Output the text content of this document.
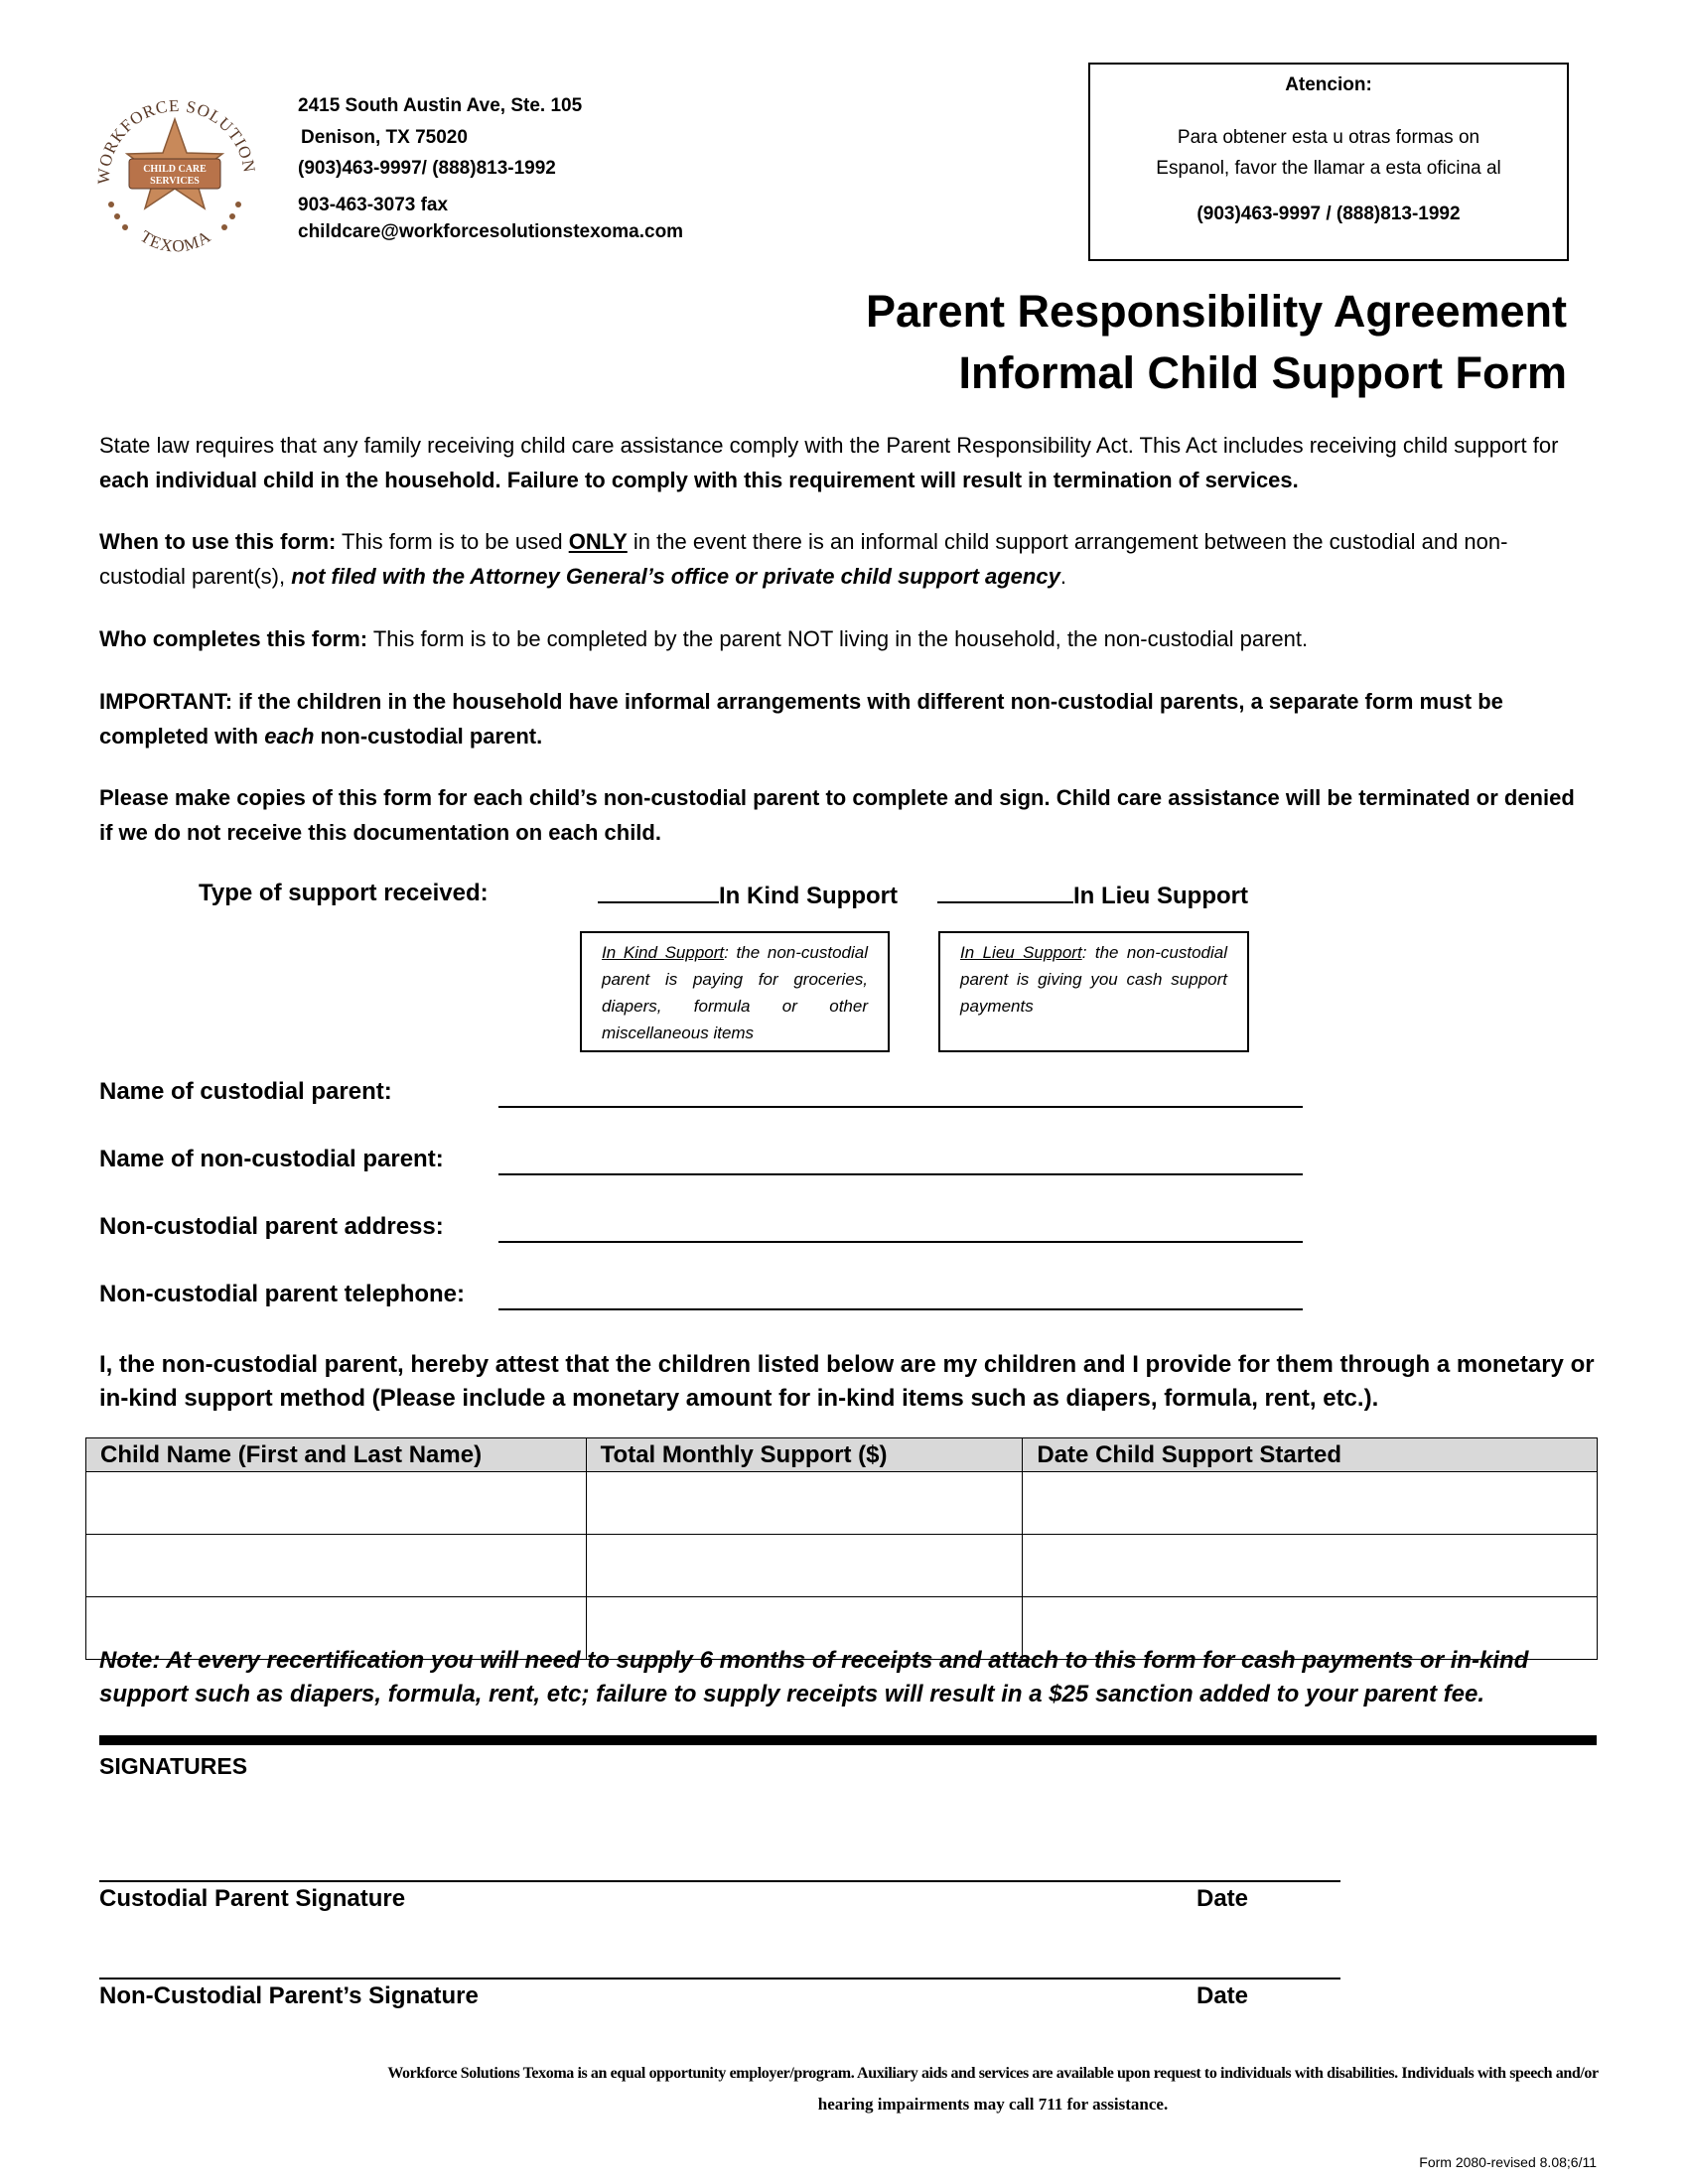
WORKFORCE SOLUTION
TEXOMA
CHILD CARE
SERVICES
2415 South Austin Ave, Ste. 105
Denison, TX 75020
(903)463-9997/ (888)813-1992
903-463-3073 fax
childcare@workforcesolutionstexoma.com
Atencion:
Para obtener esta u otras formas on
Espanol, favor the llamar a esta oficina al
(903)463-9997 / (888)813-1992
Parent Responsibility Agreement
Informal Child Support Form
State law requires that any family receiving child care assistance comply with the Parent Responsibility Act. This Act includes receiving child support for each individual child in the household. Failure to comply with this requirement will result in termination of services.
When to use this form: This form is to be used ONLY in the event there is an informal child support arrangement between the custodial and non-custodial parent(s), not filed with the Attorney General’s office or private child support agency.
Who completes this form: This form is to be completed by the parent NOT living in the household, the non-custodial parent.
IMPORTANT: if the children in the household have informal arrangements with different non-custodial parents, a separate form must be completed with each non-custodial parent.
Please make copies of this form for each child’s non-custodial parent to complete and sign. Child care assistance will be terminated or denied if we do not receive this documentation on each child.
Type of support received:	In Kind Support	In Lieu Support
In Kind Support: the non-custodial parent is paying for groceries, diapers, formula or other miscellaneous items
In Lieu Support: the non-custodial parent is giving you cash support payments
Name of custodial parent:
Name of non-custodial parent:
Non-custodial parent address:
Non-custodial parent telephone:
I, the non-custodial parent, hereby attest that the children listed below are my children and I provide for them through a monetary or in-kind support method (Please include a monetary amount for in-kind items such as diapers, formula, rent, etc.).
Child Name (First and Last Name)	Total Monthly Support ($)	Date Child Support Started

Note: At every recertification you will need to supply 6 months of receipts and attach to this form for cash payments or in-kind support such as diapers, formula, rent, etc; failure to supply receipts will result in a $25 sanction added to your parent fee.
SIGNATURES
Custodial Parent Signature	Date
Non-Custodial Parent’s Signature	Date
Workforce Solutions Texoma is an equal opportunity employer/program. Auxiliary aids and services are available upon request to individuals with disabilities. Individuals with speech and/or
hearing impairments may call 711 for assistance.
Form 2080-revised 8.08;6/11
